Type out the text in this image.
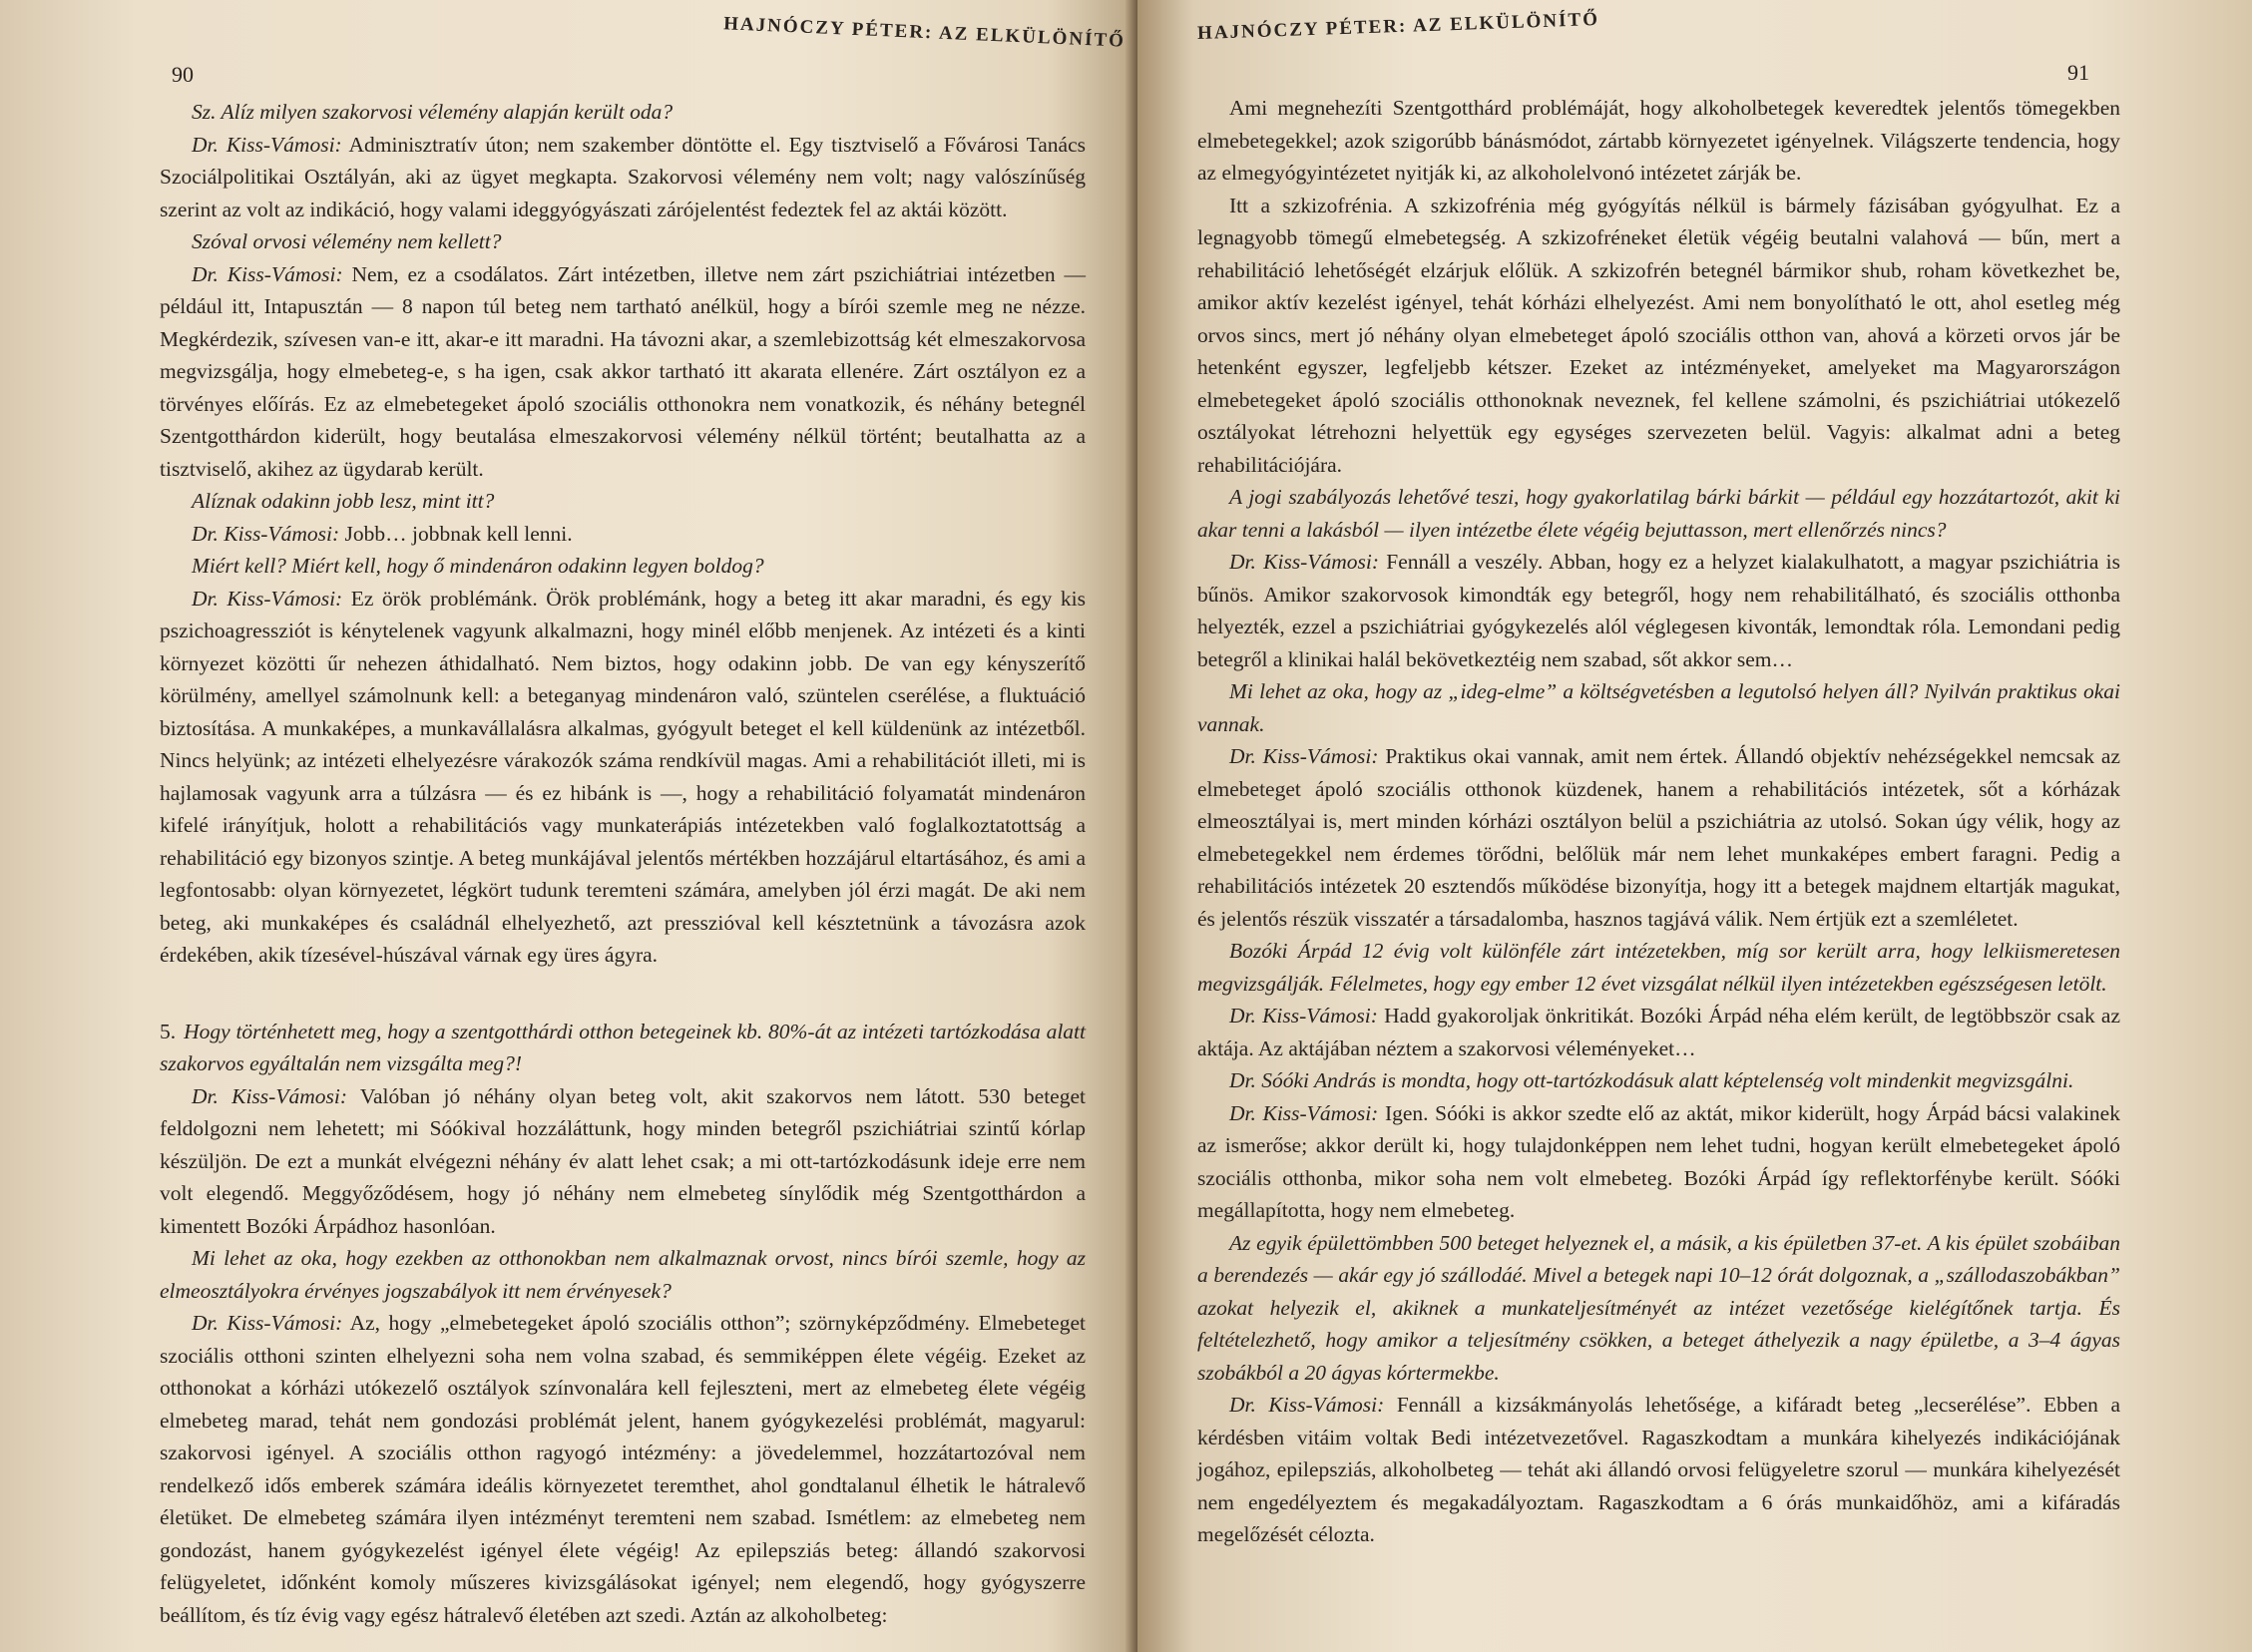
HAJNÓCZY PÉTER: AZ ELKÜLÖNÍTŐ
90

Sz. Alíz milyen szakorvosi vélemény alapján került oda?

Dr. Kiss-Vámosi: Adminisztratív úton; nem szakember döntötte el. Egy tisztviselő a Fővárosi Tanács Szociálpolitikai Osztályán, aki az ügyet megkapta. Szakorvosi vélemény nem volt; nagy valószínűség szerint az volt az indikáció, hogy valami ideggyógyászati zárójelentést fedeztek fel az aktái között.

Szóval orvosi vélemény nem kellett?

Dr. Kiss-Vámosi: Nem, ez a csodálatos. Zárt intézetben, illetve nem zárt pszichiátriai intézetben — például itt, Intapusztán — 8 napon túl beteg nem tartható anélkül, hogy a bírói szemle meg ne nézze. Megkérdezik, szívesen van-e itt, akar-e itt maradni. Ha távozni akar, a szemlebizottság két elmeszakorvosa megvizsgálja, hogy elmebeteg-e, s ha igen, csak akkor tartható itt akarata ellenére. Zárt osztályon ez a törvényes előírás. Ez az elmebetegeket ápoló szociális otthonokra nem vonatkozik, és néhány betegnél Szentgotthárdon kiderült, hogy beutalása elmeszakorvosi vélemény nélkül történt; beutalhatta az a tisztviselő, akihez az ügydarab került.

Alíznak odakinn jobb lesz, mint itt?

Dr. Kiss-Vámosi: Jobb… jobbnak kell lenni.

Miért kell? Miért kell, hogy ő mindenáron odakinn legyen boldog?

Dr. Kiss-Vámosi: Ez örök problémánk. Örök problémánk, hogy a beteg itt akar maradni, és egy kis pszichoagressziót is kénytelenek vagyunk alkalmazni, hogy minél előbb menjenek. Az intézeti és a kinti környezet közötti űr nehezen áthidalható. Nem biztos, hogy odakinn jobb. De van egy kényszerítő körülmény, amellyel számolnunk kell: a beteganyag mindenáron való, szüntelen cserélése, a fluktuáció biztosítása. A munkaképes, a munkavállalásra alkalmas, gyógyult beteget el kell küldenünk az intézetből. Nincs helyünk; az intézeti elhelyezésre várakozók száma rendkívül magas. Ami a rehabilitációt illeti, mi is hajlamosak vagyunk arra a túlzásra — és ez hibánk is —, hogy a rehabilitáció folyamatát mindenáron kifelé irányítjuk, holott a rehabilitációs vagy munkaterápiás intézetekben való foglalkoztatottság a rehabilitáció egy bizonyos szintje. A beteg munkájával jelentős mértékben hozzájárul eltartásához, és ami a legfontosabb: olyan környezetet, légkört tudunk teremteni számára, amelyben jól érzi magát. De aki nem beteg, aki munkaképes és családnál elhelyezhető, azt presszióval kell késztetnünk a távozásra azok érdekében, akik tízesével-húszával várnak egy üres ágyra.

5. Hogy történhetett meg, hogy a szentgotthárdi otthon betegeinek kb. 80%-át az intézeti tartózkodása alatt szakorvos egyáltalán nem vizsgálta meg?!

Dr. Kiss-Vámosi: Valóban jó néhány olyan beteg volt, akit szakorvos nem látott. 530 beteget feldolgozni nem lehetett; mi Sóókival hozzáláttunk, hogy minden betegről pszichiátriai szintű kórlap készüljön. De ezt a munkát elvégezni néhány év alatt lehet csak; a mi ott-tartózkodásunk ideje erre nem volt elegendő. Meggyőződésem, hogy jó néhány nem elmebeteg sínylődik még Szentgotthárdon a kimentett Bozóki Árpádhoz hasonlóan.

Mi lehet az oka, hogy ezekben az otthonokban nem alkalmaznak orvost, nincs bírói szemle, hogy az elmeosztályokra érvényes jogszabályok itt nem érvényesek?

Dr. Kiss-Vámosi: Az, hogy „elmebetegeket ápoló szociális otthon”; szörnyképződmény. Elmebeteget szociális otthoni szinten elhelyezni soha nem volna szabad, és semmiképpen élete végéig. Ezeket az otthonokat a kórházi utókezelő osztályok színvonalára kell fejleszteni, mert az elmebeteg élete végéig elmebeteg marad, tehát nem gondozási problémát jelent, hanem gyógykezelési problémát, magyarul: szakorvosi igényel. A szociális otthon ragyogó intézmény: a jövedelemmel, hozzátartozóval nem rendelkező idős emberek számára ideális környezetet teremthet, ahol gondtalanul élhetik le hátralevő életüket. De elmebeteg számára ilyen intézményt teremteni nem szabad. Ismétlem: az elmebeteg nem gondozást, hanem gyógykezelést igényel élete végéig! Az epilepsziás beteg: állandó szakorvosi felügyeletet, időnként komoly műszeres kivizsgálásokat igényel; nem elegendő, hogy gyógyszerre beállítom, és tíz évig vagy egész hátralevő életében azt szedi. Aztán az alkoholbeteg:

HAJNÓCZY PÉTER: AZ ELKÜLÖNÍTŐ
91

Ami megnehezíti Szentgotthárd problémáját, hogy alkoholbetegek keveredtek jelentős tömegekben elmebetegekkel; azok szigorúbb bánásmódot, zártabb környezetet igényelnek. Világszerte tendencia, hogy az elmegyógyintézetet nyitják ki, az alkoholelvonó intézetet zárják be.

Itt a szkizofrénia. A szkizofrénia még gyógyítás nélkül is bármely fázisában gyógyulhat. Ez a legnagyobb tömegű elmebetegség. A szkizofréneket életük végéig beutalni valahová — bűn, mert a rehabilitáció lehetőségét elzárjuk előlük. A szkizofrén betegnél bármikor shub, roham következhet be, amikor aktív kezelést igényel, tehát kórházi elhelyezést. Ami nem bonyolítható le ott, ahol esetleg még orvos sincs, mert jó néhány olyan elmebeteget ápoló szociális otthon van, ahová a körzeti orvos jár be hetenként egyszer, legfeljebb kétszer. Ezeket az intézményeket, amelyeket ma Magyarországon elmebetegeket ápoló szociális otthonoknak neveznek, fel kellene számolni, és pszichiátriai utókezelő osztályokat létrehozni helyettük egy egységes szervezeten belül. Vagyis: alkalmat adni a beteg rehabilitációjára.

A jogi szabályozás lehetővé teszi, hogy gyakorlatilag bárki bárkit — például egy hozzátartozót, akit ki akar tenni a lakásból — ilyen intézetbe élete végéig bejuttasson, mert ellenőrzés nincs?

Dr. Kiss-Vámosi: Fennáll a veszély. Abban, hogy ez a helyzet kialakulhatott, a magyar pszichiátria is bűnös. Amikor szakorvosok kimondták egy betegről, hogy nem rehabilitálható, és szociális otthonba helyezték, ezzel a pszichiátriai gyógykezelés alól véglegesen kivonták, lemondtak róla. Lemondani pedig betegről a klinikai halál bekövetkeztéig nem szabad, sőt akkor sem…

Mi lehet az oka, hogy az „ideg-elme” a költségvetésben a legutolsó helyen áll? Nyilván praktikus okai vannak.

Dr. Kiss-Vámosi: Praktikus okai vannak, amit nem értek. Állandó objektív nehézségekkel nemcsak az elmebeteget ápoló szociális otthonok küzdenek, hanem a rehabilitációs intézetek, sőt a kórházak elmeosztályai is, mert minden kórházi osztályon belül a pszichiátria az utolsó. Sokan úgy vélik, hogy az elmebetegekkel nem érdemes törődni, belőlük már nem lehet munkaképes embert faragni. Pedig a rehabilitációs intézetek 20 esztendős működése bizonyítja, hogy itt a betegek majdnem eltartják magukat, és jelentős részük visszatér a társadalomba, hasznos tagjává válik. Nem értjük ezt a szemléletet.

Bozóki Árpád 12 évig volt különféle zárt intézetekben, míg sor került arra, hogy lelkiismeretesen megvizsgálják. Félelmetes, hogy egy ember 12 évet vizsgálat nélkül ilyen intézetekben egészségesen letölt.

Dr. Kiss-Vámosi: Hadd gyakoroljak önkritikát. Bozóki Árpád néha elém került, de legtöbbször csak az aktája. Az aktájában néztem a szakorvosi véleményeket…

Dr. Sóóki András is mondta, hogy ott-tartózkodásuk alatt képtelenség volt mindenkit megvizsgálni.

Dr. Kiss-Vámosi: Igen. Sóóki is akkor szedte elő az aktát, mikor kiderült, hogy Árpád bácsi valakinek az ismerőse; akkor derült ki, hogy tulajdonképpen nem lehet tudni, hogyan került elmebetegeket ápoló szociális otthonba, mikor soha nem volt elmebeteg. Bozóki Árpád így reflektorfénybe került. Sóóki megállapította, hogy nem elmebeteg.

Az egyik épülettömbben 500 beteget helyeznek el, a másik, a kis épületben 37-et. A kis épület szobáiban a berendezés — akár egy jó szállodáé. Mivel a betegek napi 10–12 órát dolgoznak, a „szállodaszobákban” azokat helyezik el, akiknek a munkateljesítményét az intézet vezetősége kielégítőnek tartja. És feltételezhető, hogy amikor a teljesítmény csökken, a beteget áthelyezik a nagy épületbe, a 3–4 ágyas szobákból a 20 ágyas kórtermekbe.

Dr. Kiss-Vámosi: Fennáll a kizsákmányolás lehetősége, a kifáradt beteg „lecserélése”. Ebben a kérdésben vitáim voltak Bedi intézetvezetővel. Ragaszkodtam a munkára kihelyezés indikációjának jogához, epilepsziás, alkoholbeteg — tehát aki állandó orvosi felügyeletre szorul — munkára kihelyezését nem engedélyeztem és megakadályoztam. Ragaszkodtam a 6 órás munkaidőhöz, ami a kifáradás megelőzését célozta.
